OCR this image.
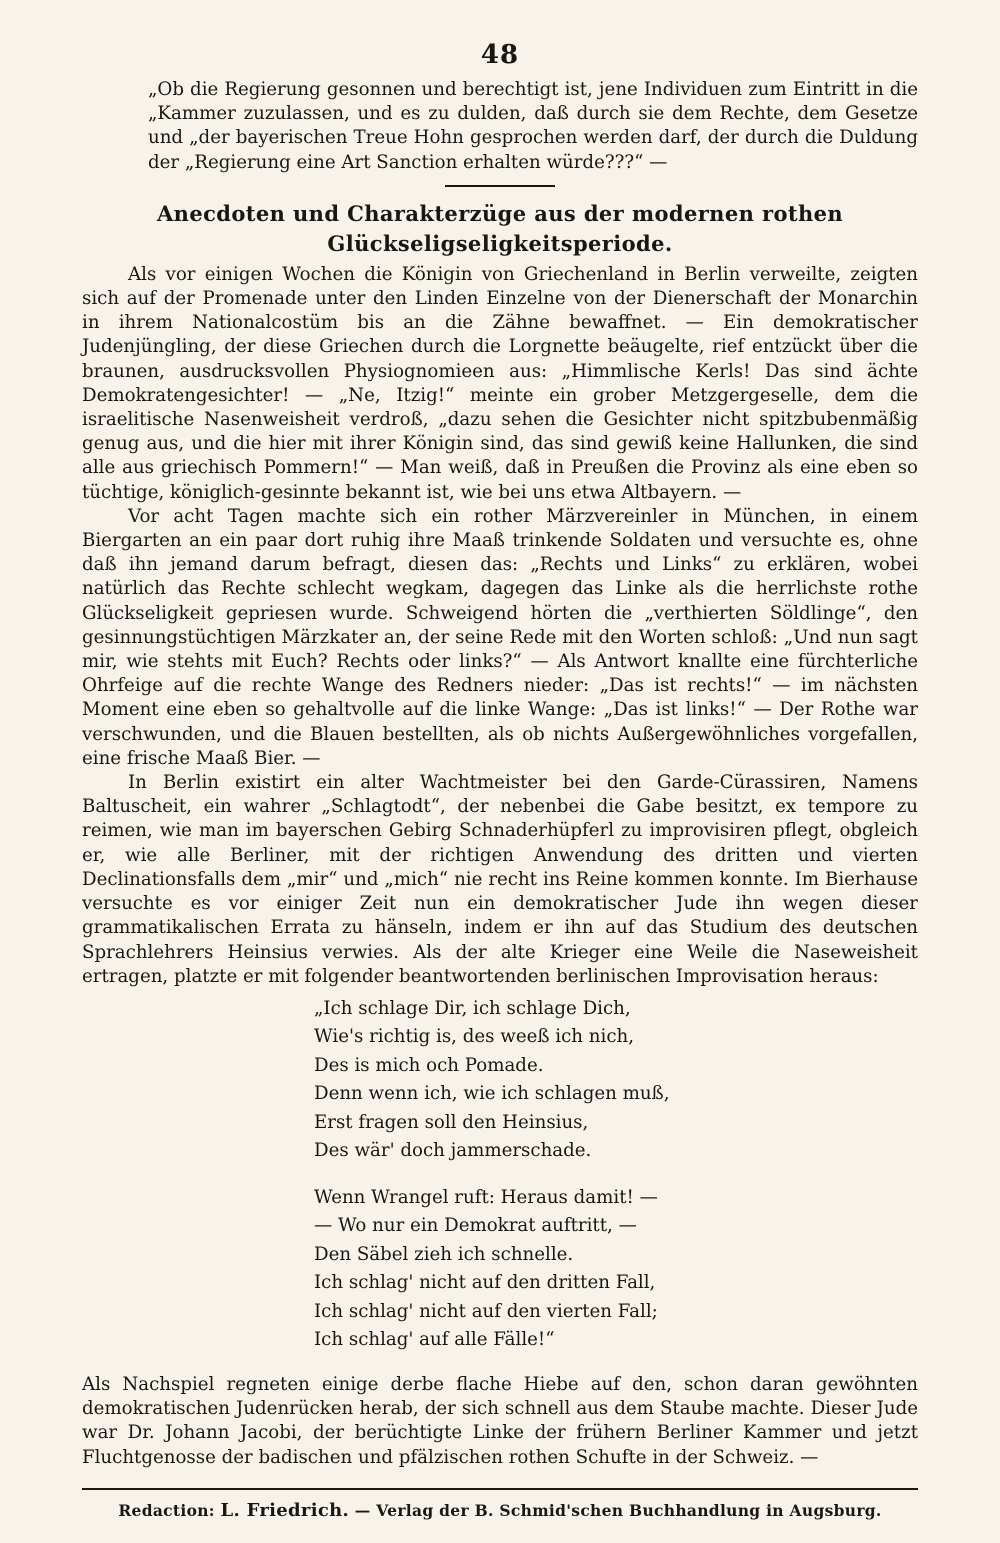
48

„Ob die Regierung gesonnen und berechtigt ist, jene Individuen zum Eintritt in die „Kammer zuzulassen, und es zu dulden, daß durch sie dem Rechte, dem Gesetze und „der bayerischen Treue Hohn gesprochen werden darf, der durch die Duldung der „Regierung eine Art Sanction erhalten würde???“ —

Anecdoten und Charakterzüge aus der modernen rothen
Glückseligseligkeitsperiode.

Als vor einigen Wochen die Königin von Griechenland in Berlin verweilte, zeigten sich auf der Promenade unter den Linden Einzelne von der Dienerschaft der Monarchin in ihrem Nationalcostüm bis an die Zähne bewaffnet. — Ein demokratischer Judenjüngling, der diese Griechen durch die Lorgnette beäugelte, rief entzückt über die braunen, ausdrucksvollen Physiognomieen aus: „Himmlische Kerls! Das sind ächte Demokratengesichter! — „Ne, Itzig!“ meinte ein grober Metzgergeselle, dem die israelitische Nasenweisheit verdroß, „dazu sehen die Gesichter nicht spitzbubenmäßig genug aus, und die hier mit ihrer Königin sind, das sind gewiß keine Hallunken, die sind alle aus griechisch Pommern!“ — Man weiß, daß in Preußen die Provinz als eine eben so tüchtige, königlich-gesinnte bekannt ist, wie bei uns etwa Altbayern. —

Vor acht Tagen machte sich ein rother Märzvereinler in München, in einem Biergarten an ein paar dort ruhig ihre Maaß trinkende Soldaten und versuchte es, ohne daß ihn jemand darum befragt, diesen das: „Rechts und Links“ zu erklären, wobei natürlich das Rechte schlecht wegkam, dagegen das Linke als die herrlichste rothe Glückseligkeit gepriesen wurde. Schweigend hörten die „verthierten Söldlinge“, den gesinnungstüchtigen Märzkater an, der seine Rede mit den Worten schloß: „Und nun sagt mir, wie stehts mit Euch? Rechts oder links?“ — Als Antwort knallte eine fürchterliche Ohrfeige auf die rechte Wange des Redners nieder: „Das ist rechts!“ — im nächsten Moment eine eben so gehaltvolle auf die linke Wange: „Das ist links!“ — Der Rothe war verschwunden, und die Blauen bestellten, als ob nichts Außergewöhnliches vorgefallen, eine frische Maaß Bier. —

In Berlin existirt ein alter Wachtmeister bei den Garde-Cürassiren, Namens Baltuscheit, ein wahrer „Schlagtodt“, der nebenbei die Gabe besitzt, ex tempore zu reimen, wie man im bayerschen Gebirg Schnaderhüpferl zu improvisiren pflegt, obgleich er, wie alle Berliner, mit der richtigen Anwendung des dritten und vierten Declinationsfalls dem „mir“ und „mich“ nie recht ins Reine kommen konnte. Im Bierhause versuchte es vor einiger Zeit nun ein demokratischer Jude ihn wegen dieser grammatikalischen Errata zu hänseln, indem er ihn auf das Studium des deutschen Sprachlehrers Heinsius verwies. Als der alte Krieger eine Weile die Naseweisheit ertragen, platzte er mit folgender beantwortenden berlinischen Improvisation heraus:

„Ich schlage Dir, ich schlage Dich,
Wie's richtig is, des weeß ich nich,
Des is mich och Pomade.
Denn wenn ich, wie ich schlagen muß,
Erst fragen soll den Heinsius,
Des wär' doch jammerschade.
Wenn Wrangel ruft: Heraus damit! —
— Wo nur ein Demokrat auftritt, —
Den Säbel zieh ich schnelle.
Ich schlag' nicht auf den dritten Fall,
Ich schlag' nicht auf den vierten Fall;
Ich schlag' auf alle Fälle!“

Als Nachspiel regneten einige derbe flache Hiebe auf den, schon daran gewöhnten demokratischen Judenrücken herab, der sich schnell aus dem Staube machte. Dieser Jude war Dr. Johann Jacobi, der berüchtigte Linke der frühern Berliner Kammer und jetzt Fluchtgenosse der badischen und pfälzischen rothen Schufte in der Schweiz. —

Redaction: L. Friedrich. — Verlag der B. Schmid'schen Buchhandlung in Augsburg.
